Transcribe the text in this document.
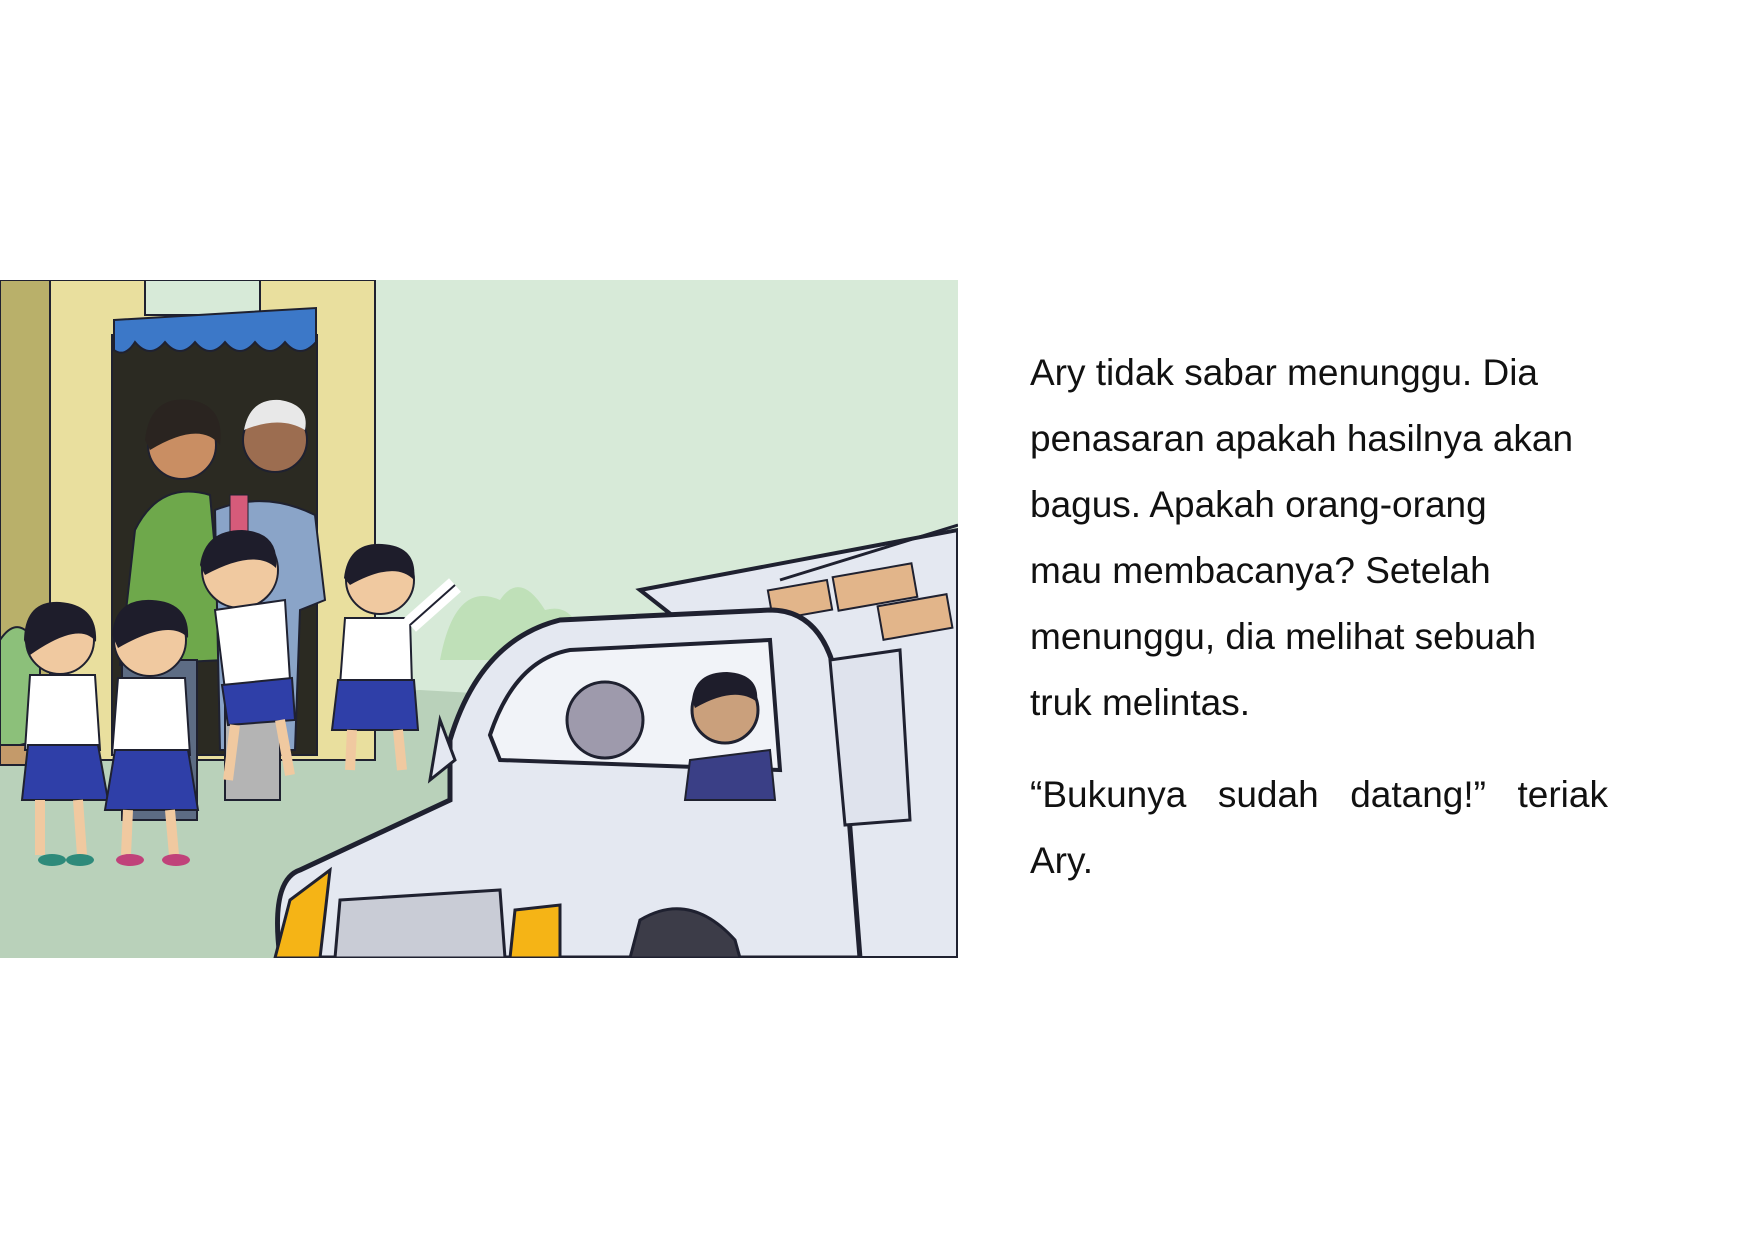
Ary tidak sabar menunggu. Dia
penasaran apakah hasilnya akan
bagus. Apakah orang-orang
mau membacanya? Setelah
menunggu, dia melihat sebuah
truk melintas.
“Bukunya sudah datang!” teriak
Ary.
